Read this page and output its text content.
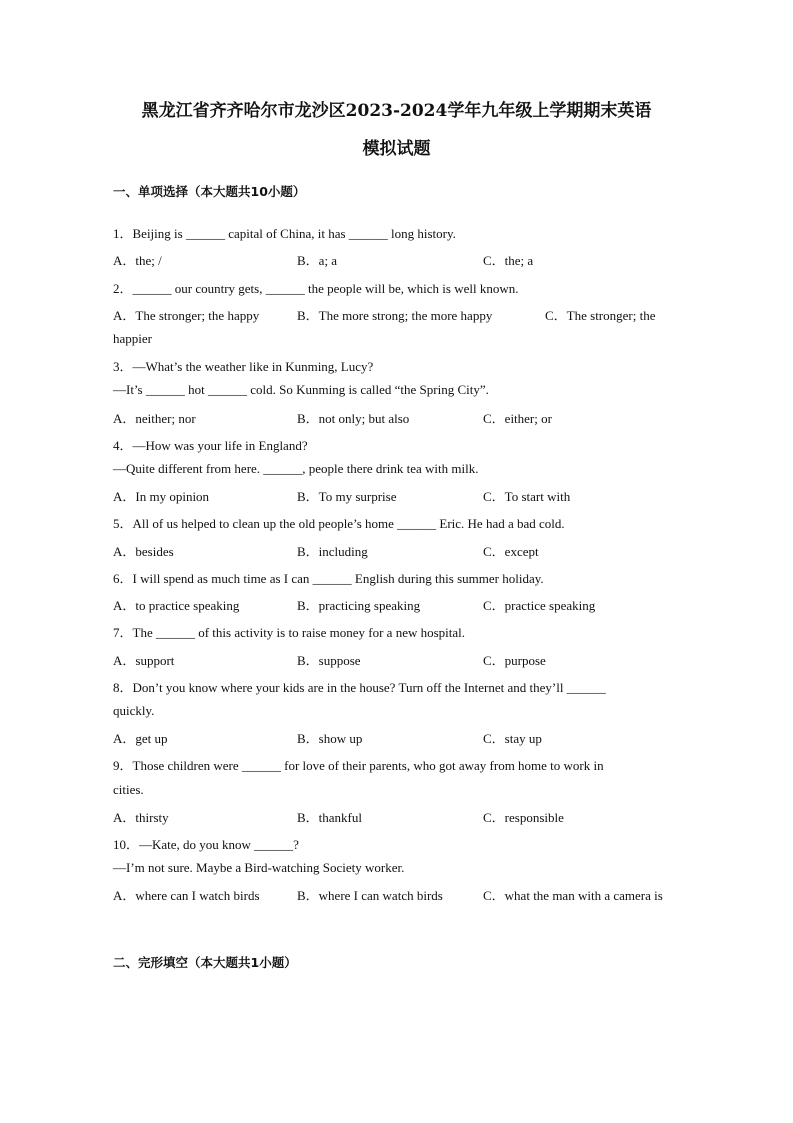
黑龙江省齐齐哈尔市龙沙区2023-2024学年九年级上学期期末英语
模拟试题
一、单项选择（本大题共10小题）
1．Beijing is ______ capital of China, it has ______ long history.
A．the; /	B．a; a	C．the; a
2．______ our country gets, ______ the people will be, which is well known.
A．The stronger; the happy	B．The more strong; the more happy	C．The stronger; the
happier
3．—What’s the weather like in Kunming, Lucy?
—It’s ______ hot ______ cold. So Kunming is called “the Spring City”.
A．neither; nor	B．not only; but also	C．either; or
4．—How was your life in England?
—Quite different from here. ______, people there drink tea with milk.
A．In my opinion	B．To my surprise	C．To start with
5．All of us helped to clean up the old people’s home ______ Eric. He had a bad cold.
A．besides	B．including	C．except
6．I will spend as much time as I can ______ English during this summer holiday.
A．to practice speaking	B．practicing speaking	C．practice speaking
7．The ______ of this activity is to raise money for a new hospital.
A．support	B．suppose	C．purpose
8．Don’t you know where your kids are in the house? Turn off the Internet and they’ll ______
quickly.
A．get up	B．show up	C．stay up
9．Those children were ______ for love of their parents, who got away from home to work in
cities.
A．thirsty	B．thankful	C．responsible
10．—Kate, do you know ______?
—I’m not sure. Maybe a Bird-watching Society worker.
A．where can I watch birds	B．where I can watch birds	C．what the man with a camera is
二、完形填空（本大题共1小题）
